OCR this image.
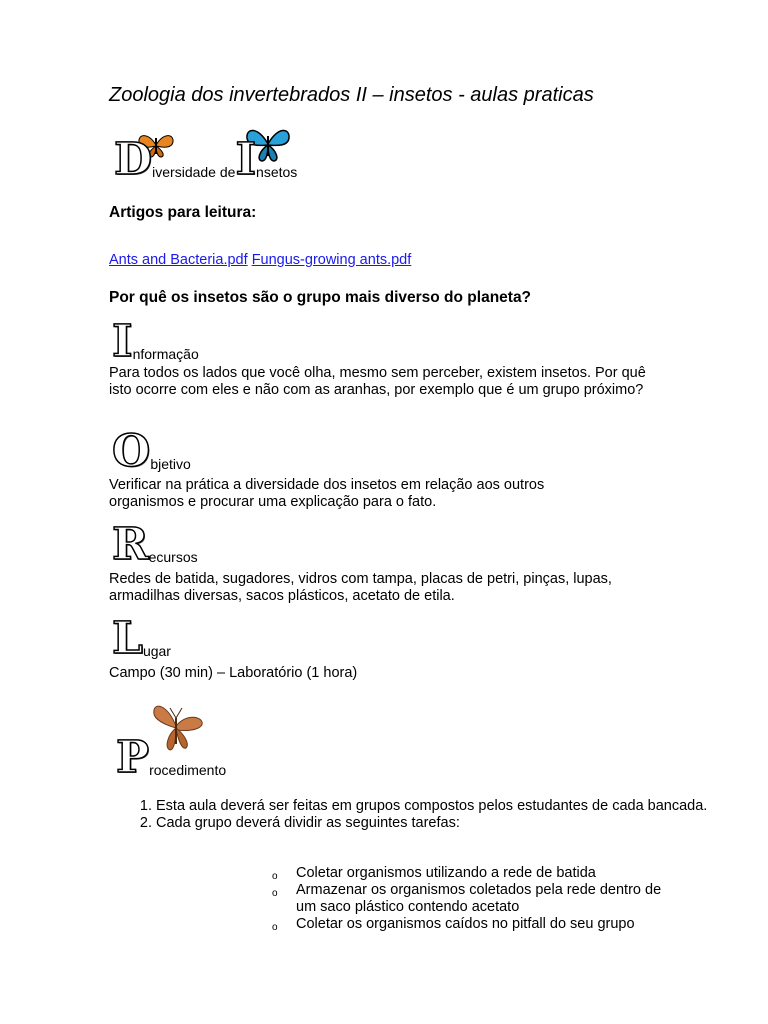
Zoologia dos invertebrados II – insetos - aulas praticas
Diversidade deInsetos
Artigos para leitura:
Ants and Bacteria.pdf Fungus-growing ants.pdf
Por quê os insetos são o grupo mais diverso do planeta?
Informação
Para todos os lados que você olha, mesmo sem perceber, existem insetos. Por quê isto ocorre com eles e não com as aranhas, por exemplo que é um grupo próximo?
Objetivo
Verificar na prática a diversidade dos insetos em relação aos outros organismos e procurar uma explicação para o fato.
Recursos
Redes de batida, sugadores, vidros com tampa, placas de petri, pinças, lupas, armadilhas diversas, sacos plásticos, acetato de etila.
Lugar
Campo (30 min) – Laboratório (1 hora)
Procedimento
1. Esta aula deverá ser feitas em grupos compostos pelos estudantes de cada bancada.
2. Cada grupo deverá dividir as seguintes tarefas:
o Coletar organismos utilizando a rede de batida
o Armazenar os organismos coletados pela rede dentro de um saco plástico contendo acetato
o Coletar os organismos caídos no pitfall do seu grupo
